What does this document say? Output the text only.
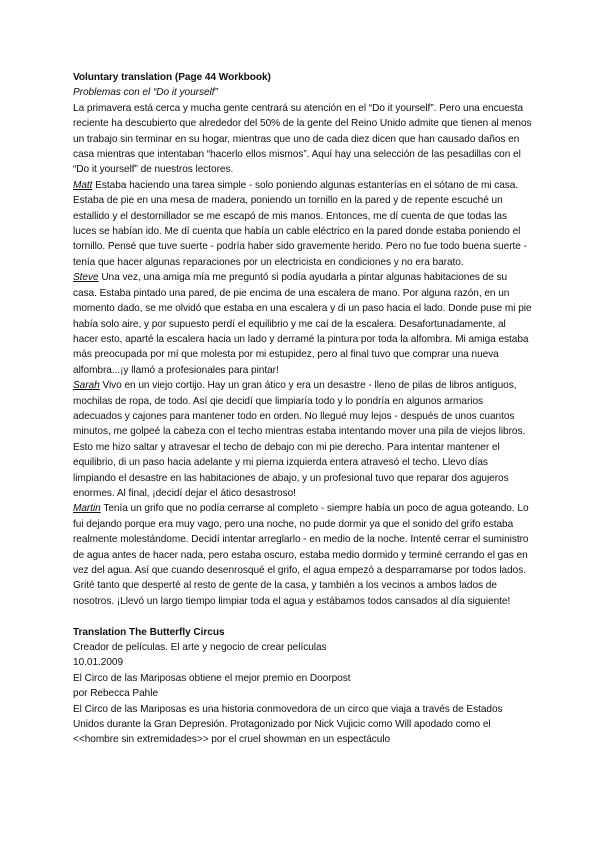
Voluntary translation (Page 44 Workbook)

Problemas con el “Do it yourself”

La primavera está cerca y mucha gente centrará su atención en el “Do it yourself”. Pero una encuesta reciente ha descubierto que alrededor del 50% de la gente del Reino Unido admite que tienen al menos un trabajo sin terminar en su hogar, mientras que uno de cada diez dicen que han causado daños en casa mientras que intentaban “hacerlo ellos mismos”. Aquí hay una selección de las pesadillas con el “Do it yourself” de nuestros lectores.

Matt Estaba haciendo una tarea simple - solo poniendo algunas estanterías en el sótano de mi casa. Estaba de pie en una mesa de madera, poniendo un tornillo en la pared y de repente escuché un estallido y el destornillador se me escapó de mis manos. Entonces, me dí cuenta de que todas las luces se habían ido. Me dí cuenta que había un cable eléctrico en la pared donde estaba poniendo el tornillo. Pensé que tuve suerte - podría haber sido gravemente herido. Pero no fue todo buena suerte - tenía que hacer algunas reparaciones por un electricista en condiciones y no era barato.

Steve Una vez, una amiga mía me preguntó si podía ayudarla a pintar algunas habitaciones de su casa. Estaba pintado una pared, de pie encima de una escalera de mano. Por alguna razón, en un momento dado, se me olvidó que estaba en una escalera y di un paso hacia el lado. Donde puse mi pie había solo aire, y por supuesto perdí el equilibrio y me caí de la escalera. Desafortunadamente, al hacer esto, aparté la escalera hacia un lado y derramé la pintura por toda la alfombra. Mi amiga estaba más preocupada por mí que molesta por mi estupidez, pero al final tuvo que comprar una nueva alfombra...¡y llamó a profesionales para pintar!

Sarah Vivo en un viejo cortijo. Hay un gran ático y era un desastre - lleno de pilas de libros antiguos, mochilas de ropa, de todo. Así qie decidí que limpiaría todo y lo pondría en algunos armarios adecuados y cajones para mantener todo en orden. No llegué muy lejos - después de unos cuantos minutos, me golpeé la cabeza con el techo mientras estaba intentando mover una pila de viejos libros. Esto me hizo saltar y atravesar el techo de debajo con mi pie derecho. Para intentar mantener el equilibrio, di un paso hacia adelante y mi pierna izquierda entera atravesó el techo. Llevo días limpiando el desastre en las habitaciones de abajo, y un profesional tuvo que reparar dos agujeros enormes. Al final, ¡decidí dejar el ático desastroso!

Martin Tenía un grifo que no podía cerrarse al completo - siempre había un poco de agua goteando. Lo fui dejando porque era muy vago, pero una noche, no pude dormir ya que el sonido del grifo estaba realmente molestándome. Decidí intentar arreglarlo - en medio de la noche. Intenté cerrar el suministro de agua antes de hacer nada, pero estaba oscuro, estaba medio dormido y terminé cerrando el gas en vez del agua. Así que cuando desenrosqué el grifo, el agua empezó a desparramarse por todos lados. Grité tanto que desperté al resto de gente de la casa, y también a los vecinos a ambos lados de nosotros. ¡Llevó un largo tiempo limpiar toda el agua y estábamos todos cansados al día siguiente!

Translation The Butterfly Circus

Creador de películas. El arte y negocio de crear películas

10.01.2009

El Circo de las Mariposas obtiene el mejor premio en Doorpost

por Rebecca Pahle

El Circo de las Mariposas es una historia conmovedora de un circo que viaja a través de Estados Unidos durante la Gran Depresión. Protagonizado por Nick Vujicic como Will apodado como el <<hombre sin extremidades>> por el cruel showman en un espectáculo
